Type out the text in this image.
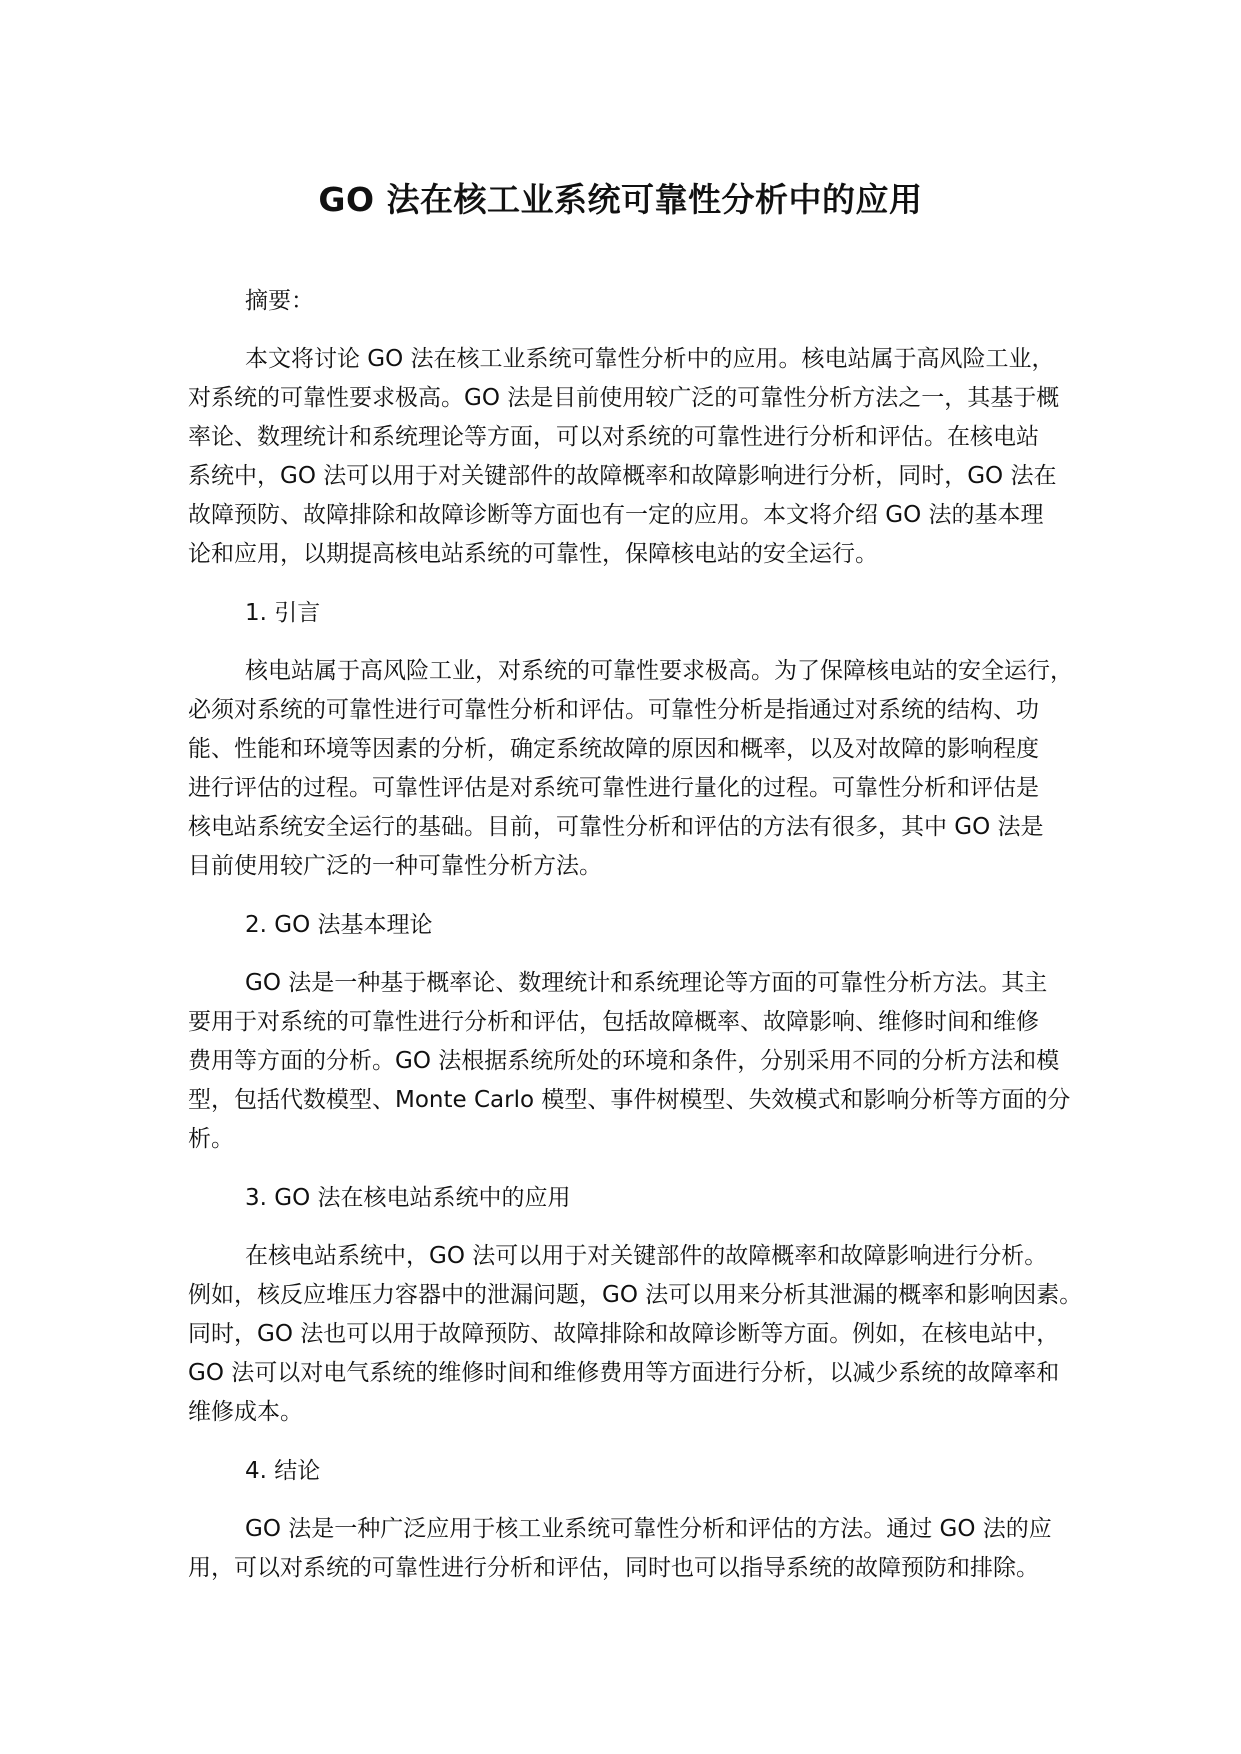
GO 法在核工业系统可靠性分析中的应用
摘要：
本文将讨论 GO 法在核工业系统可靠性分析中的应用。核电站属于高风险工业，
对系统的可靠性要求极高。GO 法是目前使用较广泛的可靠性分析方法之一，其基于概
率论、数理统计和系统理论等方面，可以对系统的可靠性进行分析和评估。在核电站
系统中，GO 法可以用于对关键部件的故障概率和故障影响进行分析，同时，GO 法在
故障预防、故障排除和故障诊断等方面也有一定的应用。本文将介绍 GO 法的基本理
论和应用，以期提高核电站系统的可靠性，保障核电站的安全运行。
1. 引言
核电站属于高风险工业，对系统的可靠性要求极高。为了保障核电站的安全运行，
必须对系统的可靠性进行可靠性分析和评估。可靠性分析是指通过对系统的结构、功
能、性能和环境等因素的分析，确定系统故障的原因和概率，以及对故障的影响程度
进行评估的过程。可靠性评估是对系统可靠性进行量化的过程。可靠性分析和评估是
核电站系统安全运行的基础。目前，可靠性分析和评估的方法有很多，其中 GO 法是
目前使用较广泛的一种可靠性分析方法。
2. GO 法基本理论
GO 法是一种基于概率论、数理统计和系统理论等方面的可靠性分析方法。其主
要用于对系统的可靠性进行分析和评估，包括故障概率、故障影响、维修时间和维修
费用等方面的分析。GO 法根据系统所处的环境和条件，分别采用不同的分析方法和模
型，包括代数模型、Monte Carlo 模型、事件树模型、失效模式和影响分析等方面的分
析。
3. GO 法在核电站系统中的应用
在核电站系统中，GO 法可以用于对关键部件的故障概率和故障影响进行分析。
例如，核反应堆压力容器中的泄漏问题，GO 法可以用来分析其泄漏的概率和影响因素。
同时，GO 法也可以用于故障预防、故障排除和故障诊断等方面。例如，在核电站中，
GO 法可以对电气系统的维修时间和维修费用等方面进行分析，以减少系统的故障率和
维修成本。
4. 结论
GO 法是一种广泛应用于核工业系统可靠性分析和评估的方法。通过 GO 法的应
用，可以对系统的可靠性进行分析和评估，同时也可以指导系统的故障预防和排除。
